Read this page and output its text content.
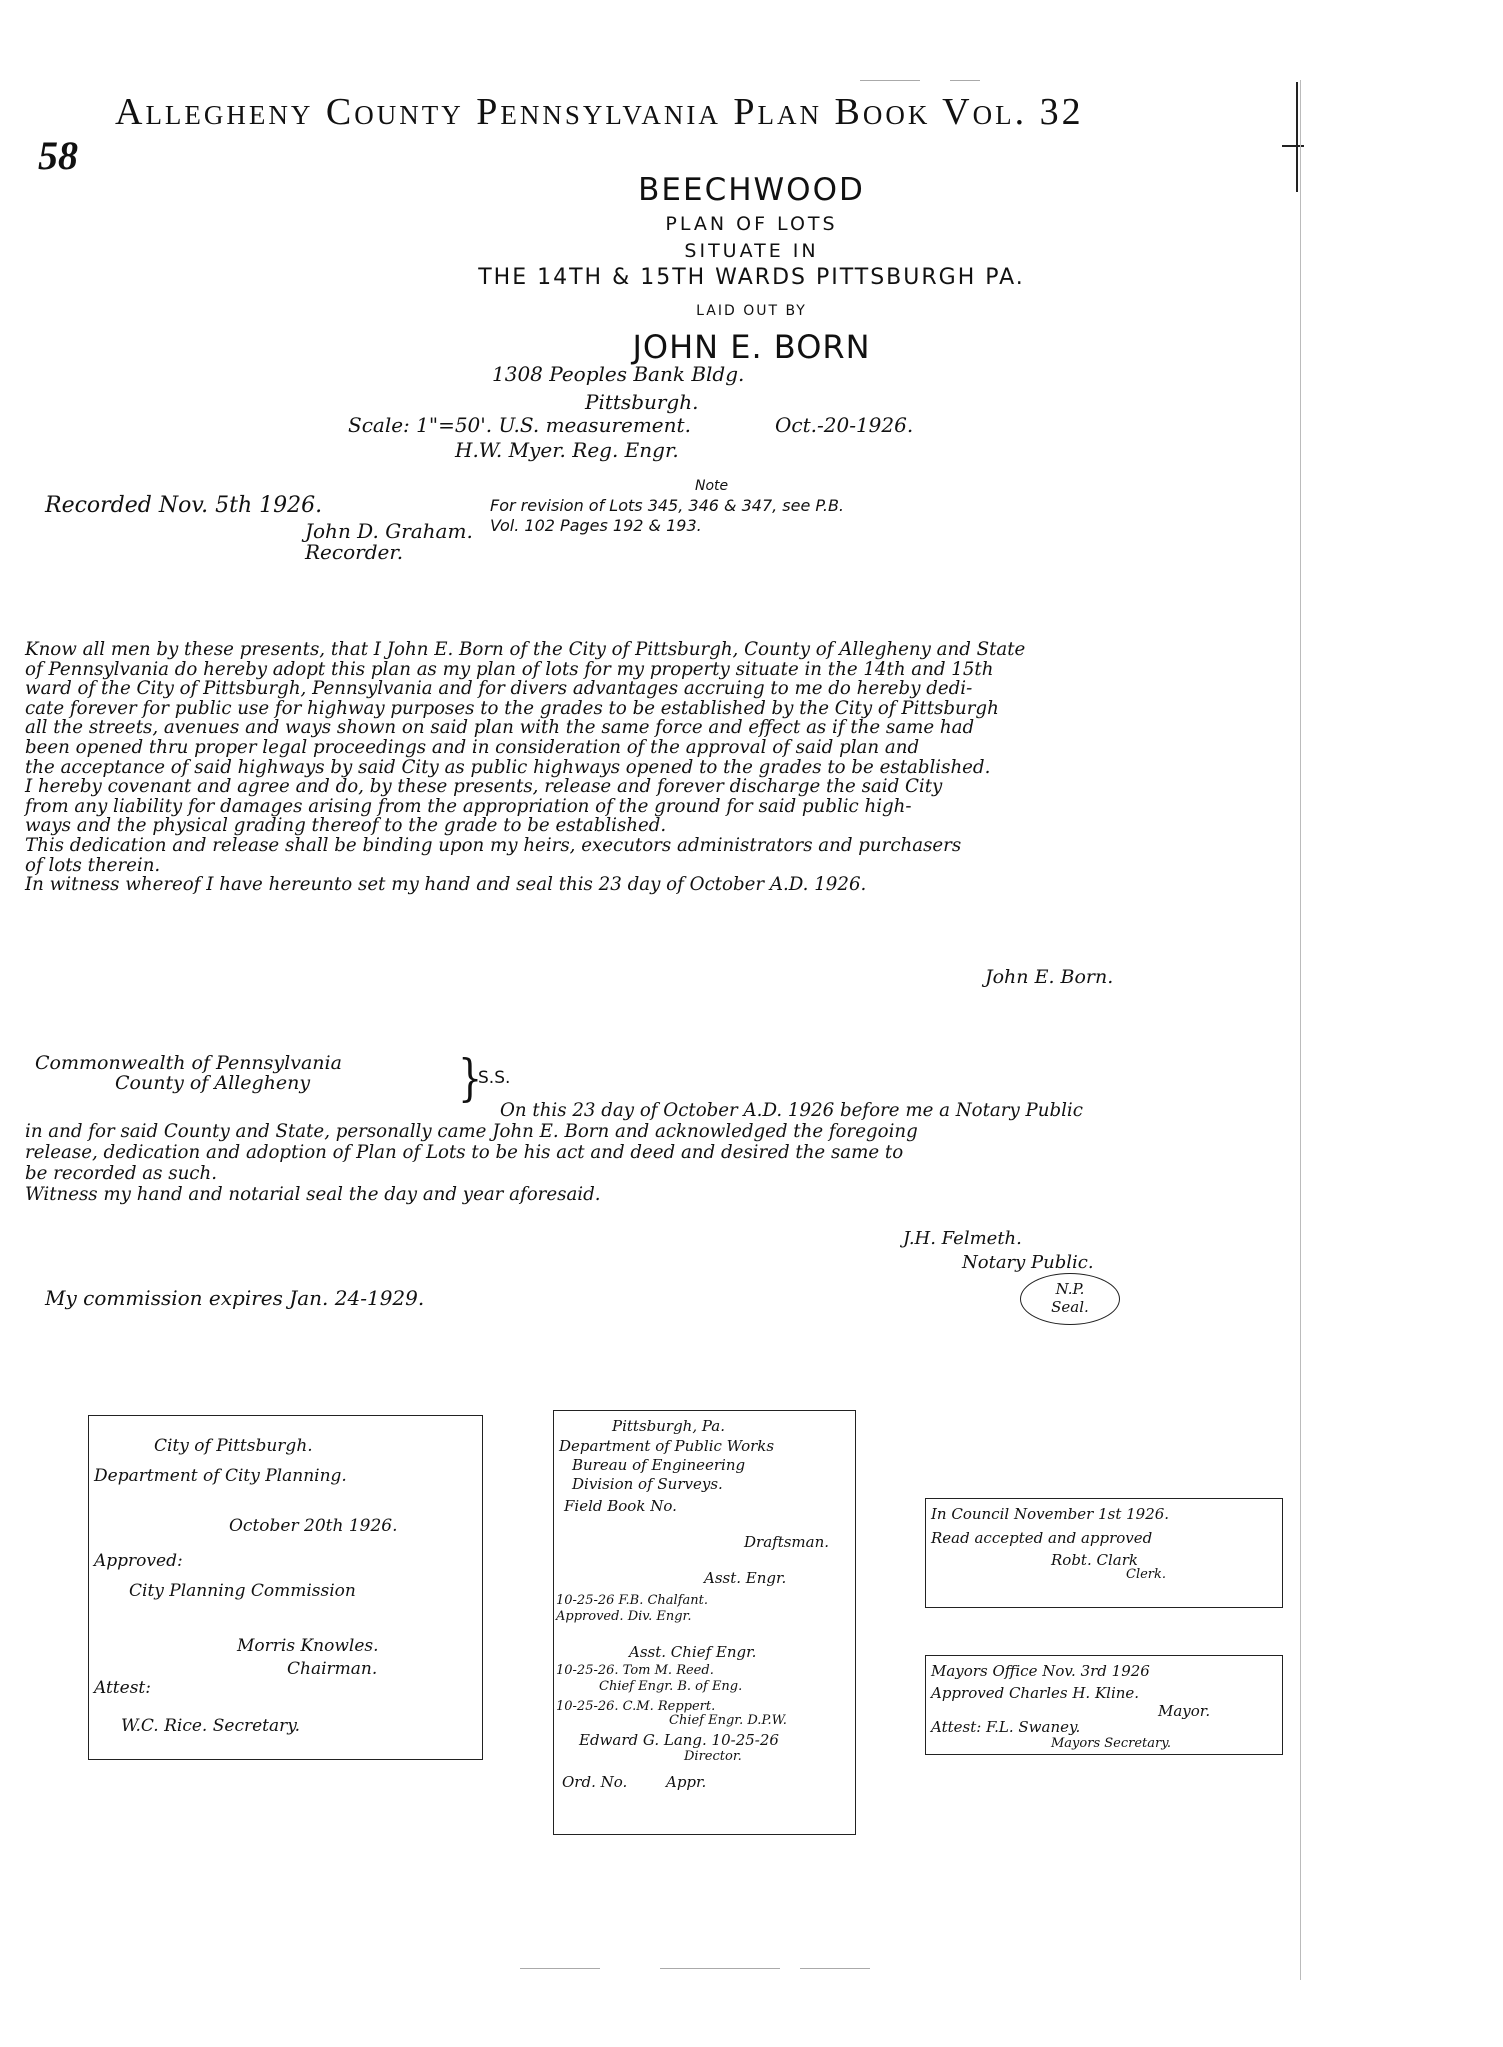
Allegheny County Pennsylvania Plan Book Vol. 32
58
BEECHWOOD
PLAN OF LOTS
SITUATE IN
THE 14TH & 15TH WARDS PITTSBURGH PA.
LAID OUT BY
JOHN E. BORN
1308 Peoples Bank Bldg.
Pittsburgh.
Scale: 1"=50'. U.S. measurement.	Oct.-20-1926.
H.W. Myer. Reg. Engr.
Recorded Nov. 5th 1926.
John D. Graham.
Recorder.
Note
For revision of Lots 345, 346 & 347, see P.B.
Vol. 102 Pages 192 & 193.
Know all men by these presents, that I John E. Born of the City of Pittsburgh, County of Allegheny and State
of Pennsylvania do hereby adopt this plan as my plan of lots for my property situate in the 14th and 15th
ward of the City of Pittsburgh, Pennsylvania and for divers advantages accruing to me do hereby dedi-
cate forever for public use for highway purposes to the grades to be established by the City of Pittsburgh
all the streets, avenues and ways shown on said plan with the same force and effect as if the same had
been opened thru proper legal proceedings and in consideration of the approval of said plan and
the acceptance of said highways by said City as public highways opened to the grades to be established.
I hereby covenant and agree and do, by these presents, release and forever discharge the said City
from any liability for damages arising from the appropriation of the ground for said public high-
ways and the physical grading thereof to the grade to be established.
This dedication and release shall be binding upon my heirs, executors administrators and purchasers
of lots therein.
In witness whereof I have hereunto set my hand and seal this 23 day of October A.D. 1926.
John E. Born.
Commonwealth of Pennsylvania
County of Allegheny	}
S.S.
On this 23 day of October A.D. 1926 before me a Notary Public
in and for said County and State, personally came John E. Born and acknowledged the foregoing
release, dedication and adoption of Plan of Lots to be his act and deed and desired the same to
be recorded as such.
Witness my hand and notarial seal the day and year aforesaid.
J.H. Felmeth.
Notary Public.
N.P.
Seal.
My commission expires Jan. 24-1929.
City of Pittsburgh.
Department of City Planning.
October 20th 1926.
Approved:
City Planning Commission
Morris Knowles.
Chairman.
Attest:
W.C. Rice. Secretary.
Pittsburgh, Pa.
Department of Public Works
Bureau of Engineering
Division of Surveys.
Field Book No.
Draftsman.
Asst. Engr.
10-25-26 F.B. Chalfant.
Approved. Div. Engr.
Asst. Chief Engr.
10-25-26. Tom M. Reed.
Chief Engr. B. of Eng.
10-25-26. C.M. Reppert.
Chief Engr. D.P.W.
Edward G. Lang. 10-25-26
Director.
Ord. No.	Appr.
In Council November 1st 1926.
Read accepted and approved
Robt. Clark
Clerk.
Mayors Office Nov. 3rd 1926
Approved Charles H. Kline.
Mayor.
Attest: F.L. Swaney.
Mayors Secretary.
